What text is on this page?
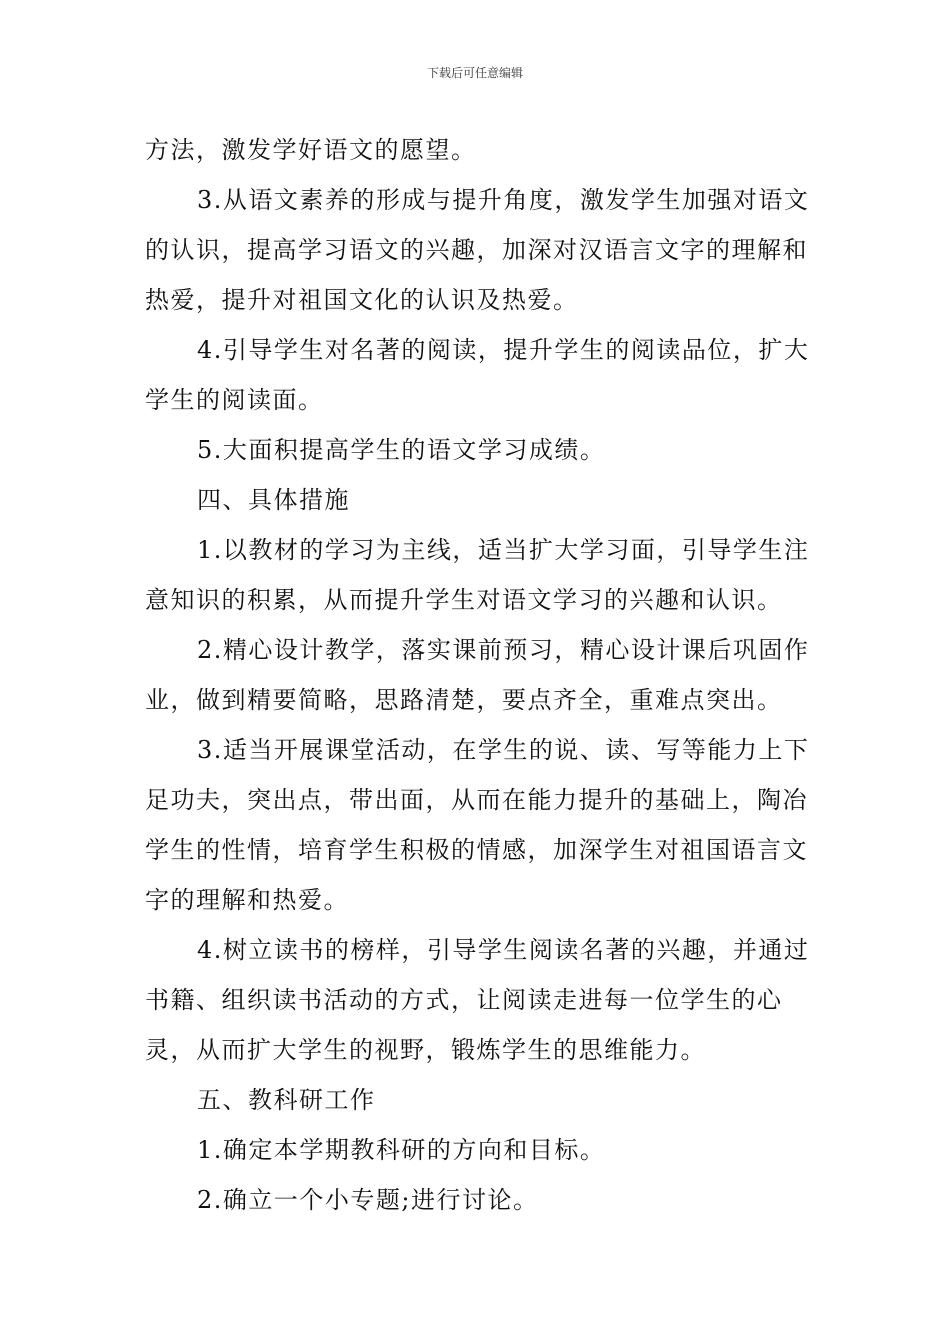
下载后可任意编辑

方法，激发学好语文的愿望。

3.从语文素养的形成与提升角度，激发学生加强对语文的认识，提高学习语文的兴趣，加深对汉语言文字的理解和热爱，提升对祖国文化的认识及热爱。

4.引导学生对名著的阅读，提升学生的阅读品位，扩大学生的阅读面。

5.大面积提高学生的语文学习成绩。

四、具体措施

1.以教材的学习为主线，适当扩大学习面，引导学生注意知识的积累，从而提升学生对语文学习的兴趣和认识。

2.精心设计教学，落实课前预习，精心设计课后巩固作业，做到精要简略，思路清楚，要点齐全，重难点突出。

3.适当开展课堂活动，在学生的说、读、写等能力上下足功夫，突出点，带出面，从而在能力提升的基础上，陶冶学生的性情，培育学生积极的情感，加深学生对祖国语言文字的理解和热爱。

4.树立读书的榜样，引导学生阅读名著的兴趣，并通过书籍、组织读书活动的方式，让阅读走进每一位学生的心灵，从而扩大学生的视野，锻炼学生的思维能力。

五、教科研工作

1.确定本学期教科研的方向和目标。

2.确立一个小专题;进行讨论。
